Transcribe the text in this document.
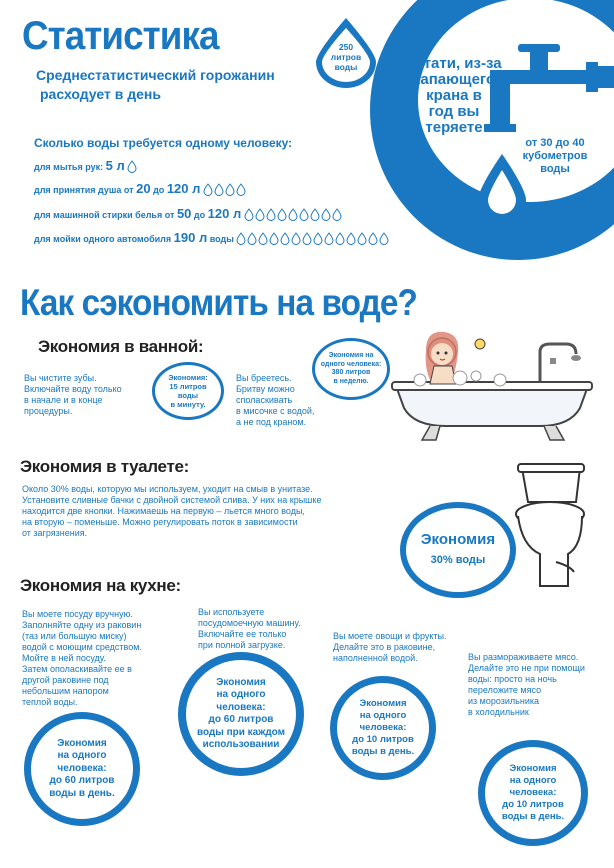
Кстати, из-за
капающего
крана в
год вы
теряете
от 30 до 40
кубометров
воды
Статистика
Среднестатистический горожанин
расходует в день
250
литров
воды
Сколько воды требуется одному человеку:
для мытья рук: 5 л
для принятия душа от 20 до 120 л
для машинной стирки белья от 50 до 120 л
для мойки одного автомобиля 190 л воды
Как сэкономить на воде?
Экономия в ванной:
Вы чистите зубы.
Включайте воду только
в начале и в конце
процедуры.
Экономия:
15 литров
воды
в минуту.
Вы бреетесь.
Бритву можно
споласкивать
в мисочке с водой,
а не под краном.
Экономия на
одного человека:
380 литров
в неделю.
Экономия в туалете:
Около 30% воды, которую мы используем, уходит на смыв в унитазе.
Установите сливные бачки с двойной системой слива. У них на крышке
находится две кнопки. Нажимаешь на первую – льется много воды,
на вторую – поменьше. Можно регулировать поток в зависимости
от загрязнения.	Экономия
30% воды
Экономия на кухне:
Вы моете посуду вручную.
Заполняйте одну из раковин
(таз или большую миску)
водой с моющим средством.
Мойте в ней посуду.
Затем ополаскивайте ее в
другой раковине под
небольшим напором
теплой воды.
Вы используете
посудомоечную машину.
Включайте ее только
при полной загрузке.
Вы моете овощи и фрукты.
Делайте это в раковине,
наполненной водой.	Вы размораживаете мясо.
Делайте это не при помощи
воды: просто на ночь
переложите мясо
из морозильника
в холодильник
Экономия
на одного
человека:
до 60 литров
воды в день.
Экономия
на одного
человека:
до 60 литров
воды при каждом
использовании
Экономия
на одного
человека:
до 10 литров
воды в день.
Экономия
на одного
человека:
до 10 литров
воды в день.
